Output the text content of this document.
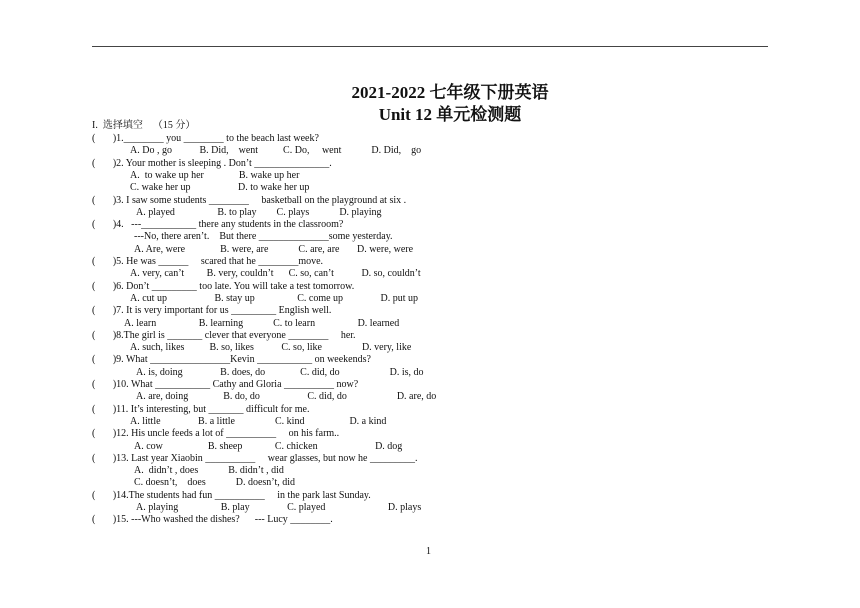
2021-2022 七年级下册英语
Unit 12 单元检测题
I.  选择填空    （15 分）
(       )1.________ you ________ to the beach last week?
A. Do , go           B. Did,    went          C. Do,     went            D. Did,    go
(       )2. Your mother is sleeping . Don’t _______________.
A.  to wake up her              B. wake up her
C. wake her up                   D. to wake her up
(       )3. I saw some students ________     basketball on the playground at six .
A. played                 B. to play        C. plays            D. playing
(       )4.   ---___________ there any students in the classroom?
---No, there aren’t.    But there ______________some yesterday.
A. Are, were              B. were, are            C. are, are       D. were, were
(       )5. He was ______     scared that he ________move.
A. very, can’t         B. very, couldn’t      C. so, can’t           D. so, couldn’t
(       )6. Don’t _________ too late. You will take a test tomorrow.
A. cut up                   B. stay up                 C. come up               D. put up
(       )7. It is very important for us _________ English well.
A. learn                 B. learning            C. to learn                 D. learned
(       )8.The girl is _______ clever that everyone ________     her.
A. such, likes          B. so, likes           C. so, like                D. very, like
(       )9. What ________________Kevin ___________ on weekends?
A. is, doing               B. does, do              C. did, do                    D. is, do
(       )10. What ___________ Cathy and Gloria __________ now?
A. are, doing              B. do, do                   C. did, do                    D. are, do
(       )11. It’s interesting, but _______ difficult for me.
A. little               B. a little                C. kind                  D. a kind
(       )12. His uncle feeds a lot of __________     on his farm..
A. cow                  B. sheep             C. chicken                       D. dog
(       )13. Last year Xiaobin __________     wear glasses, but now he _________.
A.  didn’t , does            B. didn’t , did
C. doesn’t,    does            D. doesn’t, did
(       )14.The students had fun __________     in the park last Sunday.
A. playing                 B. play               C. played                         D. plays
(       )15. ---Who washed the dishes?      --- Lucy ________.
1
